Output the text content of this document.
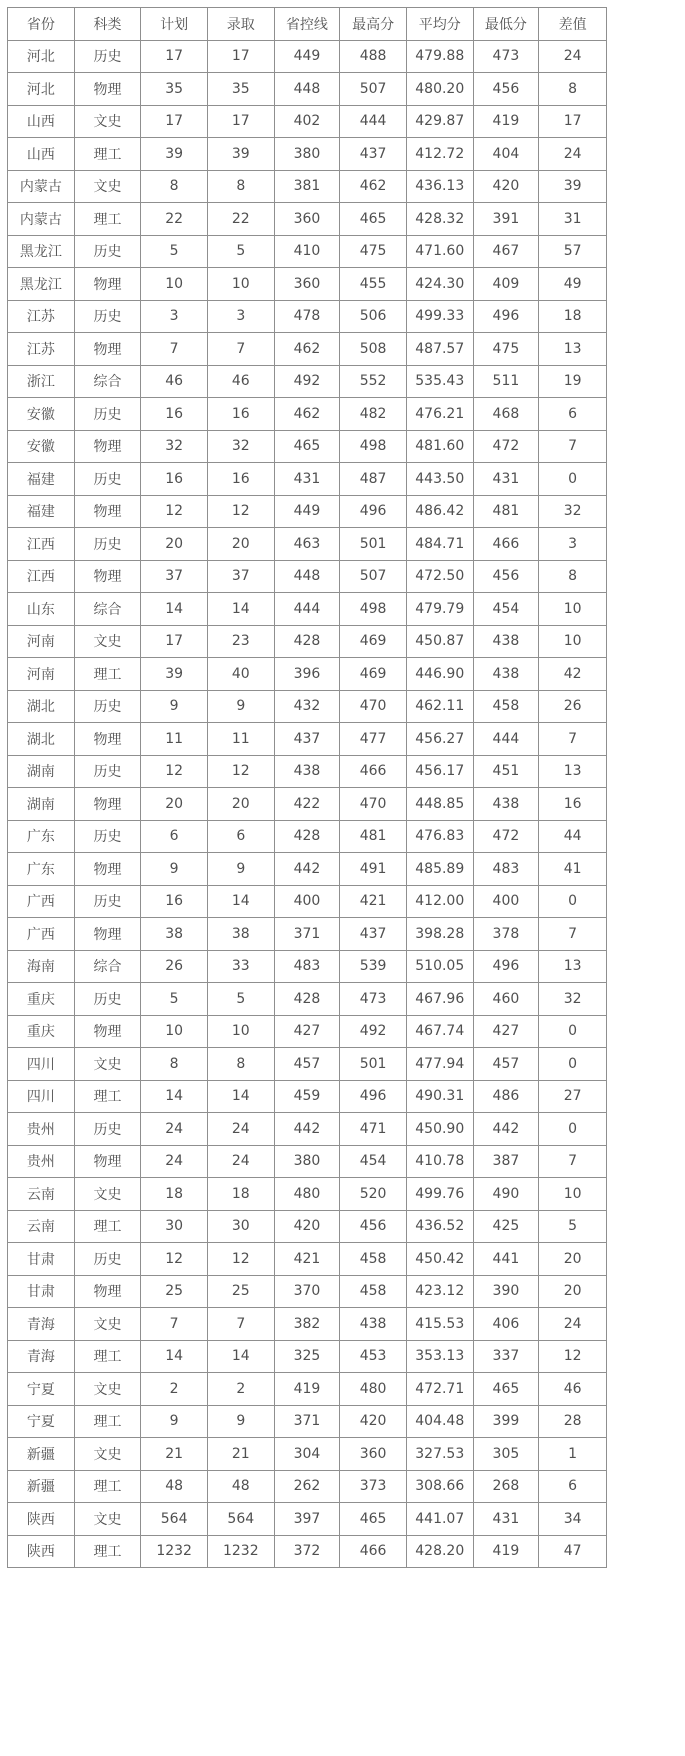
省份	科类	计划	录取	省控线	最高分	平均分	最低分	差值
河北	历史	17	17	449	488	479.88	473	24
河北	物理	35	35	448	507	480.20	456	8
山西	文史	17	17	402	444	429.87	419	17
山西	理工	39	39	380	437	412.72	404	24
内蒙古	文史	8	8	381	462	436.13	420	39
内蒙古	理工	22	22	360	465	428.32	391	31
黑龙江	历史	5	5	410	475	471.60	467	57
黑龙江	物理	10	10	360	455	424.30	409	49
江苏	历史	3	3	478	506	499.33	496	18
江苏	物理	7	7	462	508	487.57	475	13
浙江	综合	46	46	492	552	535.43	511	19
安徽	历史	16	16	462	482	476.21	468	6
安徽	物理	32	32	465	498	481.60	472	7
福建	历史	16	16	431	487	443.50	431	0
福建	物理	12	12	449	496	486.42	481	32
江西	历史	20	20	463	501	484.71	466	3
江西	物理	37	37	448	507	472.50	456	8
山东	综合	14	14	444	498	479.79	454	10
河南	文史	17	23	428	469	450.87	438	10
河南	理工	39	40	396	469	446.90	438	42
湖北	历史	9	9	432	470	462.11	458	26
湖北	物理	11	11	437	477	456.27	444	7
湖南	历史	12	12	438	466	456.17	451	13
湖南	物理	20	20	422	470	448.85	438	16
广东	历史	6	6	428	481	476.83	472	44
广东	物理	9	9	442	491	485.89	483	41
广西	历史	16	14	400	421	412.00	400	0
广西	物理	38	38	371	437	398.28	378	7
海南	综合	26	33	483	539	510.05	496	13
重庆	历史	5	5	428	473	467.96	460	32
重庆	物理	10	10	427	492	467.74	427	0
四川	文史	8	8	457	501	477.94	457	0
四川	理工	14	14	459	496	490.31	486	27
贵州	历史	24	24	442	471	450.90	442	0
贵州	物理	24	24	380	454	410.78	387	7
云南	文史	18	18	480	520	499.76	490	10
云南	理工	30	30	420	456	436.52	425	5
甘肃	历史	12	12	421	458	450.42	441	20
甘肃	物理	25	25	370	458	423.12	390	20
青海	文史	7	7	382	438	415.53	406	24
青海	理工	14	14	325	453	353.13	337	12
宁夏	文史	2	2	419	480	472.71	465	46
宁夏	理工	9	9	371	420	404.48	399	28
新疆	文史	21	21	304	360	327.53	305	1
新疆	理工	48	48	262	373	308.66	268	6
陕西	文史	564	564	397	465	441.07	431	34
陕西	理工	1232	1232	372	466	428.20	419	47
